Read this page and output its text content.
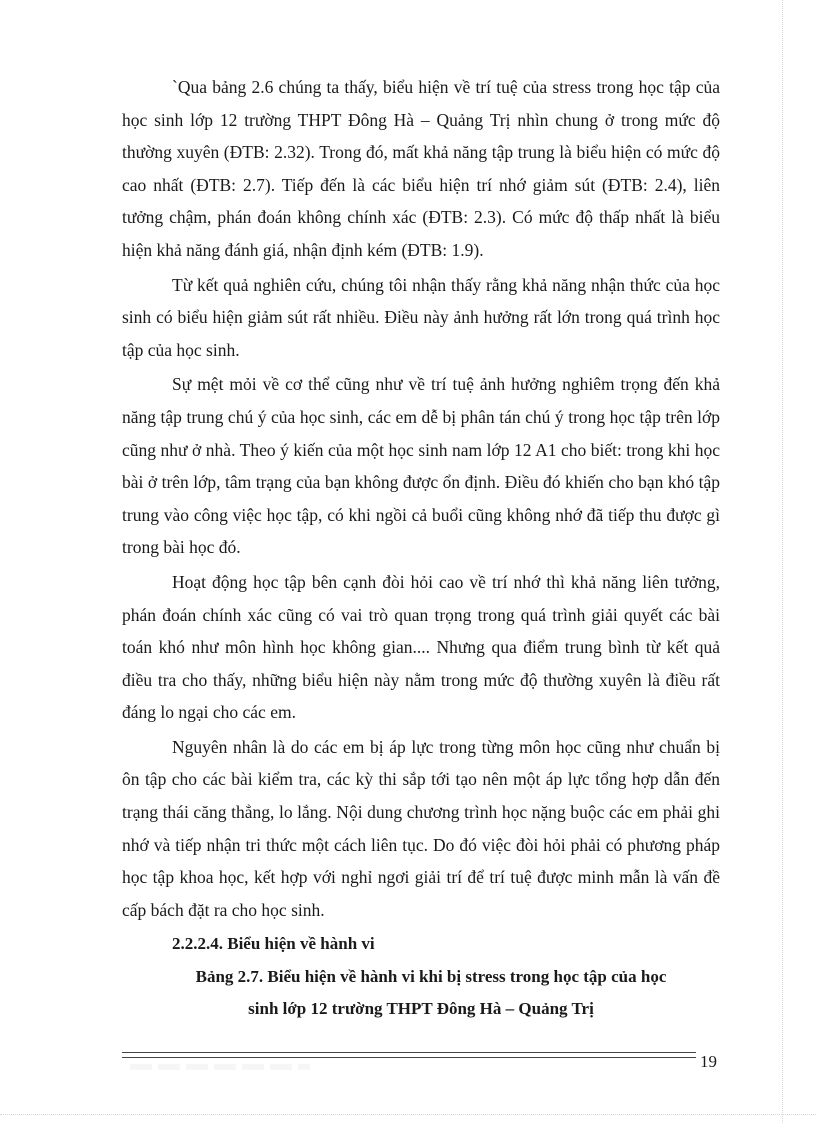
`Qua bảng 2.6 chúng ta thấy, biểu hiện về trí tuệ của stress trong học tập của học sinh lớp 12 trường THPT Đông Hà – Quảng Trị nhìn chung ở trong mức độ thường xuyên (ĐTB: 2.32). Trong đó, mất khả năng tập trung là biểu hiện có mức độ cao nhất (ĐTB: 2.7). Tiếp đến là các biểu hiện trí nhớ giảm sút (ĐTB: 2.4), liên tưởng chậm, phán đoán không chính xác (ĐTB: 2.3). Có mức độ thấp nhất là biểu hiện khả năng đánh giá, nhận định kém (ĐTB: 1.9).

Từ kết quả nghiên cứu, chúng tôi nhận thấy rằng khả năng nhận thức của học sinh có biểu hiện giảm sút rất nhiều. Điều này ảnh hưởng rất lớn trong quá trình học tập của học sinh.

Sự mệt mỏi về cơ thể cũng như về trí tuệ ảnh hưởng nghiêm trọng đến khả năng tập trung chú ý của học sinh, các em dễ bị phân tán chú ý trong học tập trên lớp cũng như ở nhà. Theo ý kiến của một học sinh nam lớp 12 A1 cho biết: trong khi học bài ở trên lớp, tâm trạng của bạn không được ổn định. Điều đó khiến cho bạn khó tập trung vào công việc học tập, có khi ngồi cả buổi cũng không nhớ đã tiếp thu được gì trong bài học đó.

Hoạt động học tập bên cạnh đòi hỏi cao về trí nhớ thì khả năng liên tưởng, phán đoán chính xác cũng có vai trò quan trọng trong quá trình giải quyết các bài toán khó như môn hình học không gian.... Nhưng qua điểm trung bình từ kết quả điều tra cho thấy, những biểu hiện này nằm trong mức độ thường xuyên là điều rất đáng lo ngại cho các em.

Nguyên nhân là do các em bị áp lực trong từng môn học cũng như chuẩn bị ôn tập cho các bài kiểm tra, các kỳ thi sắp tới tạo nên một áp lực tổng hợp dẫn đến trạng thái căng thẳng, lo lắng. Nội dung chương trình học nặng buộc các em phải ghi nhớ và tiếp nhận tri thức một cách liên tục. Do đó việc đòi hỏi phải có phương pháp học tập khoa học, kết hợp với nghỉ ngơi giải trí để trí tuệ được minh mẫn là vấn đề cấp bách đặt ra cho học sinh.

2.2.2.4. Biểu hiện về hành vi

Bảng 2.7. Biểu hiện về hành vi khi bị stress trong học tập của học
sinh lớp 12 trường THPT Đông Hà – Quảng Trị
19
